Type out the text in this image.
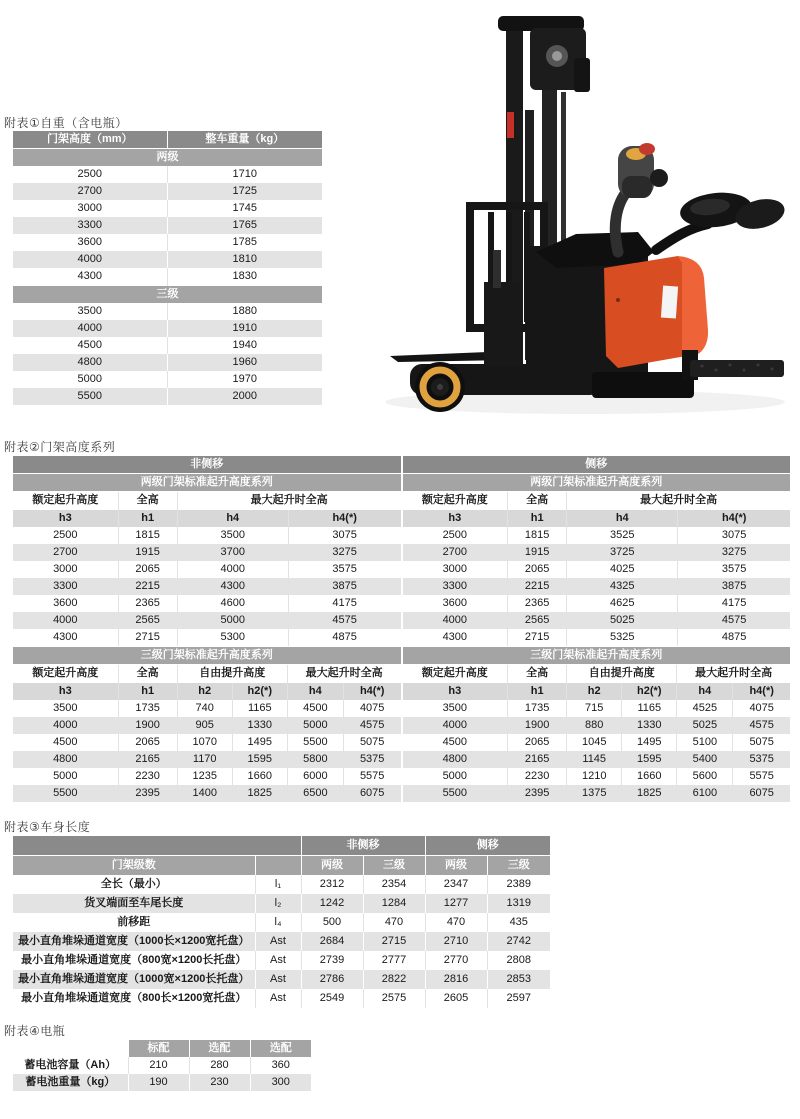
附表①自重（含电瓶）
门架高度（mm）	整车重量（kg）
两级	
2500	1710
2700	1725
3000	1745
3300	1765
3600	1785
4000	1810
4300	1830
三级	
3500	1880
4000	1910
4500	1940
4800	1960
5000	1970
5500	2000
附表②门架高度系列
非侧移
两级门架标准起升高度系列
额定起升高度	全高	最大起升时全高	
h3	h1	h4	h4(*)
2500	1815	3500	3075
2700	1915	3700	3275
3000	2065	4000	3575
3300	2215	4300	3875
3600	2365	4600	4175
4000	2565	5000	4575
4300	2715	5300	4875
三级门架标准起升高度系列
额定起升高度	全高	自由提升高度		最大起升时全高	
h3	h1	h2	h2(*)	h4	h4(*)
3500	1735	740	1165	4500	4075
4000	1900	905	1330	5000	4575
4500	2065	1070	1495	5500	5075
4800	2165	1170	1595	5800	5375
5000	2230	1235	1660	6000	5575
5500	2395	1400	1825	6500	6075
侧移
两级门架标准起升高度系列
额定起升高度	全高	最大起升时全高	
h3	h1	h4	h4(*)
2500	1815	3525	3075
2700	1915	3725	3275
3000	2065	4025	3575
3300	2215	4325	3875
3600	2365	4625	4175
4000	2565	5025	4575
4300	2715	5325	4875
三级门架标准起升高度系列
额定起升高度	全高	自由提升高度		最大起升时全高	
h3	h1	h2	h2(*)	h4	h4(*)
3500	1735	715	1165	4525	4075
4000	1900	880	1330	5025	4575
4500	2065	1045	1495	5100	5075
4800	2165	1145	1595	5400	5375
5000	2230	1210	1660	5600	5575
5500	2395	1375	1825	6100	6075
附表③车身长度
		非侧移		侧移	
门架级数		两级	三级	两级	三级
全长（最小）	l₁	2312	2354	2347	2389
货叉端面至车尾长度	l₂	1242	1284	1277	1319
前移距	l₄	500	470	470	435
最小直角堆垛通道宽度（1000长×1200宽托盘）	Ast	2684	2715	2710	2742
最小直角堆垛通道宽度（800宽×1200长托盘）	Ast	2739	2777	2770	2808
最小直角堆垛通道宽度（1000宽×1200长托盘）	Ast	2786	2822	2816	2853
最小直角堆垛通道宽度（800长×1200宽托盘）	Ast	2549	2575	2605	2597
附表④电瓶
	标配	选配	选配
蓄电池容量（Ah）	210	280	360
蓄电池重量（kg）	190	230	300
